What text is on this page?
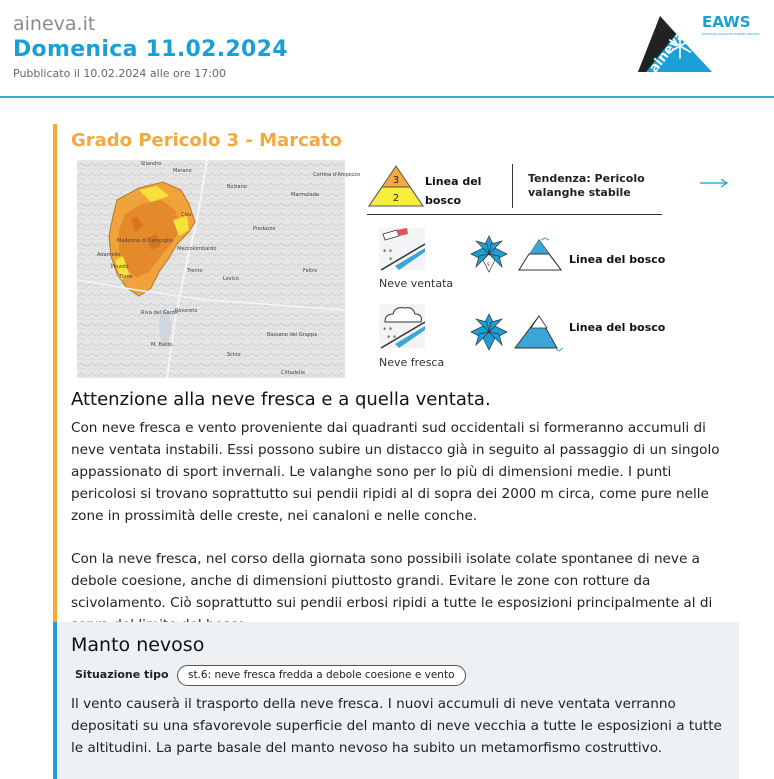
aineva.it
Domenica 11.02.2024
Pubblicato il 10.02.2024 alle ore 17:00	aineva
EAWS
EUROPEAN AVALANCHE WARNING SERVICES
Grado Pericolo 3 - Marcato
Silandro
Merano
Bolzano
Cles
Madonna di Campiglio
Mezzolombardo
Trento
Riva del Garda
Rovereto
Bassano del Grappa
Cittadella
Predazzo
Marmolada
Cortina d'Ampezzo
Feltre
Schio
Levico
Tione
Pinzolo
M. Baldo
Adamello
3
2
Linea del bosco
Tendenza: Pericolo valanghe stabile
* *
*
Neve ventata
S	Linea del bosco
* *
* *
Neve fresca
Linea del bosco
Attenzione alla neve fresca e a quella ventata.
Con neve fresca e vento proveniente dai quadranti sud occidentali si formeranno accumuli di neve ventata instabili. Essi possono subire un distacco già in seguito al passaggio di un singolo appassionato di sport invernali. Le valanghe sono per lo più di dimensioni medie. I punti pericolosi si trovano soprattutto sui pendii ripidi al di sopra dei 2000 m circa, come pure nelle zone in prossimità delle creste, nei canaloni e nelle conche.
Con la neve fresca, nel corso della giornata sono possibili isolate colate spontanee di neve a debole coesione, anche di dimensioni piuttosto grandi. Evitare le zone con rotture da scivolamento. Ciò soprattutto sui pendii erbosi ripidi a tutte le esposizioni principalmente al di
Manto nevoso
Situazione tipo	st.6: neve fresca fredda a debole coesione e vento
Il vento causerà il trasporto della neve fresca. I nuovi accumuli di neve ventata verranno depositati su una sfavorevole superficie del manto di neve vecchia a tutte le esposizioni a tutte le altitudini. La parte basale del manto nevoso ha subito un metamorfismo costruttivo.
